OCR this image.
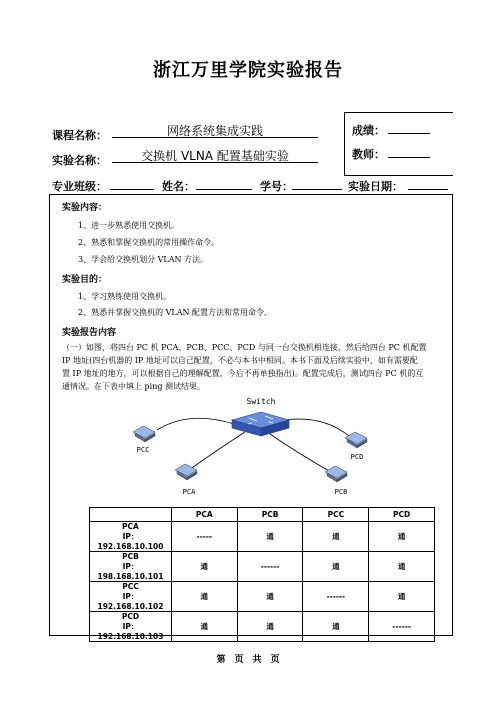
浙江万里学院实验报告
课程名称：	网络系统集成实践
实验名称：	交换机 VLNA 配置基础实验
成绩：
教师：
专业班级：	姓名：	学号：	实验日期：
实验内容：
1、进一步熟悉使用交换机。
2、熟悉和掌握交换机的常用操作命令。
3、学会给交换机划分 VLAN 方法。
实验目的：
1、学习熟练使用交换机。
2、熟悉并掌握交换机的 VLAN 配置方法和常用命令。
实验报告内容
（一）如图，将四台 PC 机 PCA、PCB、PCC、PCD 与同一台交换机相连接，然后给四台 PC 机配置
IP 地址(四台机器的 IP 地址可以自己配置，不必与本书中相同。本书下面及后续实验中，如有需要配
置 IP 地址的地方，可以根据自己的理解配置，今后不再单独指出)。配置完成后，测试四台 PC 机的互
通情况。在下表中填上 ping 测试结果。
Switch
PCC
PCD
PCA	PCB
	PCA	PCB	PCC	PCD

PCA
IP：192.168.10.100	-----	通	通	通

PCB
IP：198.168.10.101	通	------	通	通

PCC
IP：192.168.10.102	通	通	------	通

PCD
IP：192.168.10.103	通	通	通	------
第　页　共　页
